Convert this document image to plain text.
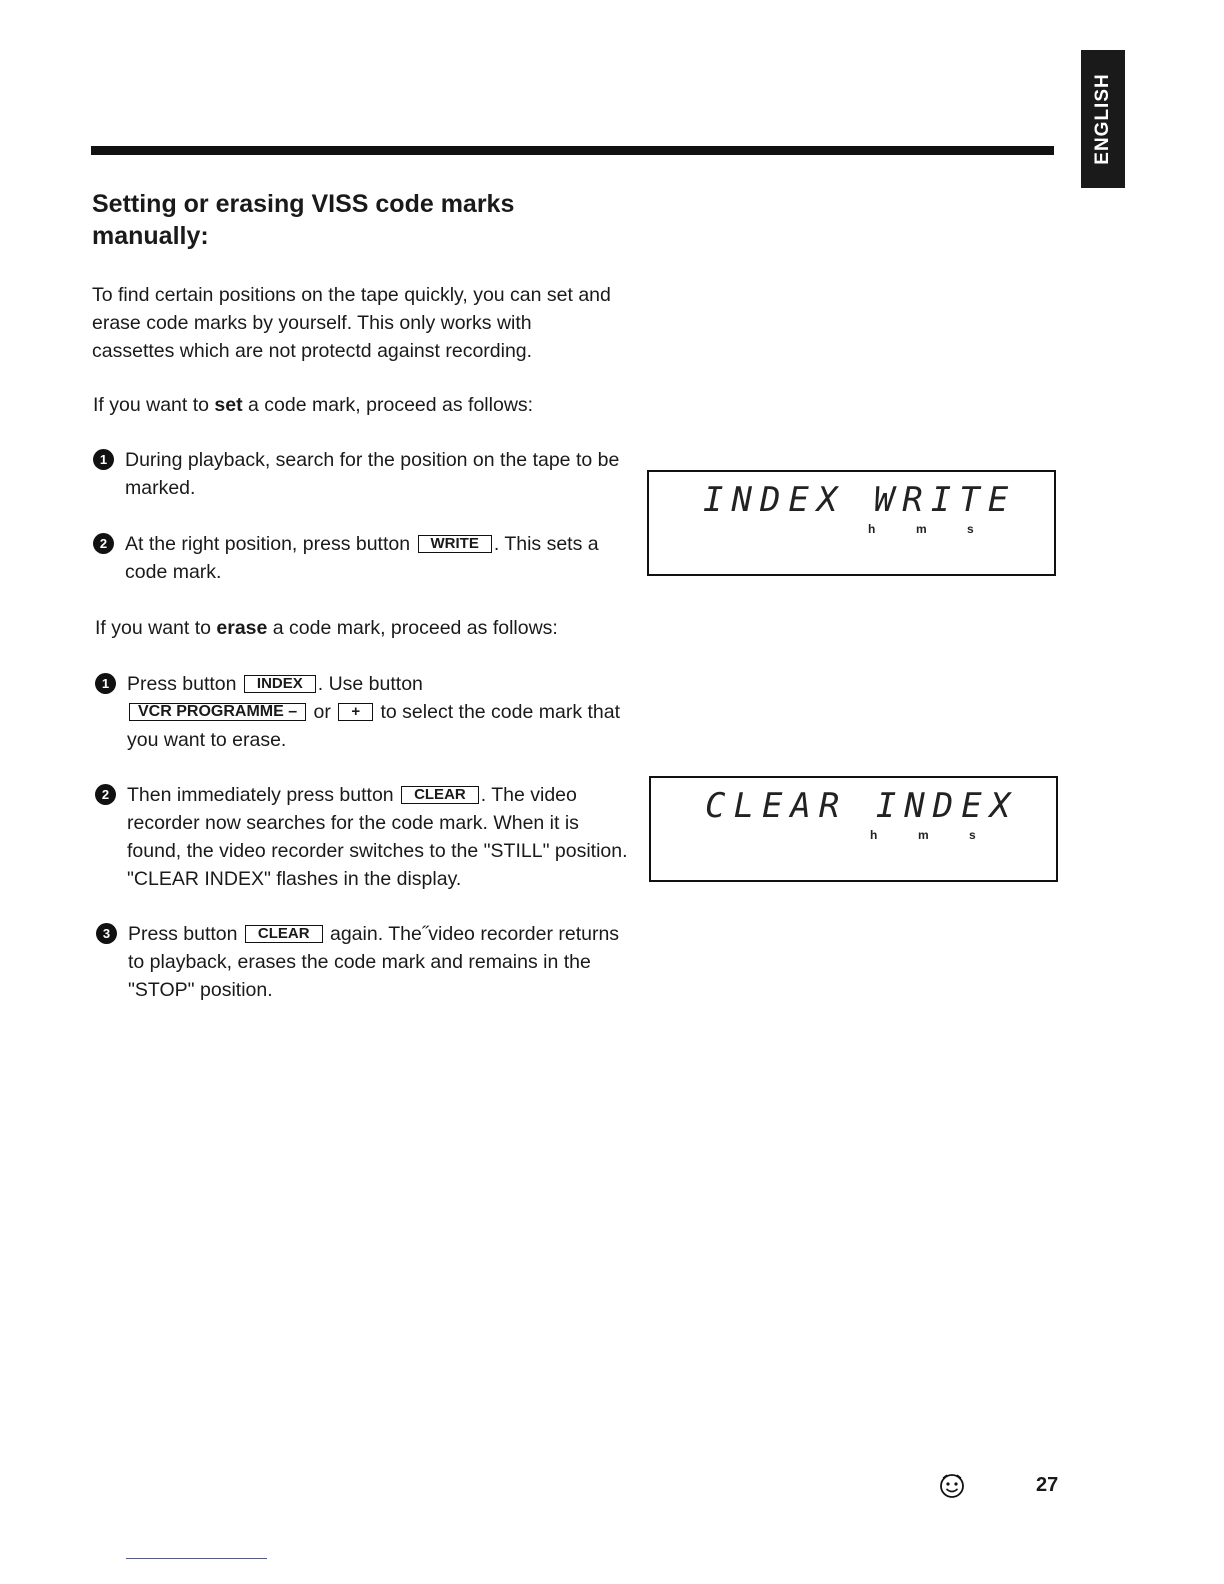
ENGLISH
Setting or erasing VISS code marks manually:

To find certain positions on the tape quickly, you can set and erase code marks by yourself. This only works with cassettes which are not protectd against recording.

If you want to set a code mark, proceed as follows:

1 During playback, search for the position on the tape to be marked.
2 At the right position, press button WRITE . This sets a code mark.
INDEX WRITE
h	m	s

If you want to erase a code mark, proceed as follows:

1 Press button INDEX . Use button
VCR PROGRAMME – or + to select the code mark that you want to erase.
2 Then immediately press button CLEAR . The video recorder now searches for the code mark. When it is found, the video recorder switches to the "STILL" position. "CLEAR INDEX" flashes in the display.
CLEAR INDEX
h	m	s
3 Press button CLEAR again. The˝video recorder returns to playback, erases the code mark and remains in the "STOP" position.
27
